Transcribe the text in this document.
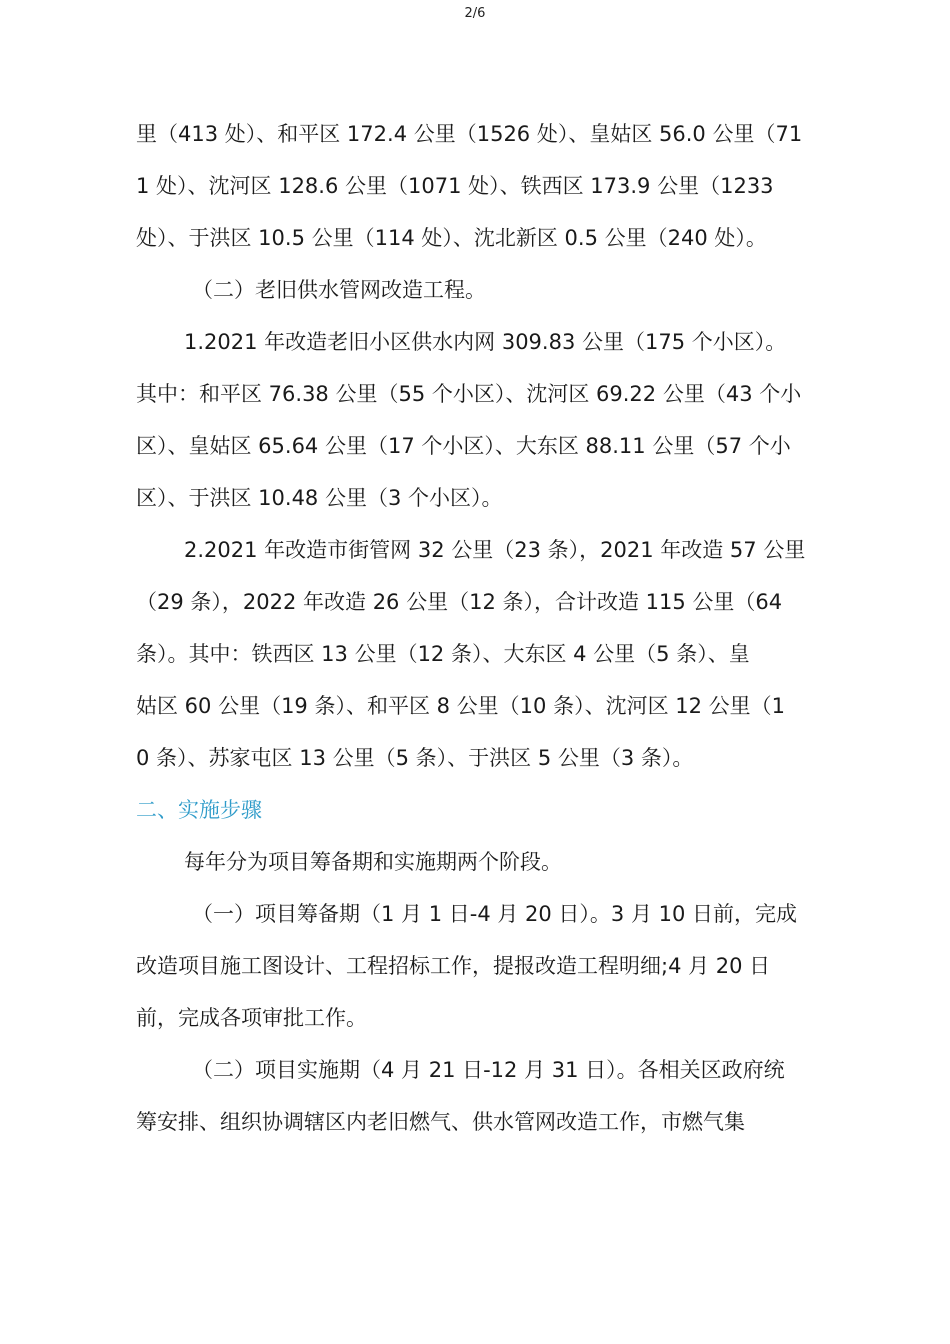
2/6
里（413 处）、和平区 172.4 公里（1526 处）、皇姑区 56.0 公里（71
1 处）、沈河区 128.6 公里（1071 处）、铁西区 173.9 公里（1233
处）、于洪区 10.5 公里（114 处）、沈北新区 0.5 公里（240 处）。
（二）老旧供水管网改造工程。
1.2021 年改造老旧小区供水内网 309.83 公里（175 个小区）。
其中：和平区 76.38 公里（55 个小区）、沈河区 69.22 公里（43 个小
区）、皇姑区 65.64 公里（17 个小区）、大东区 88.11 公里（57 个小
区）、于洪区 10.48 公里（3 个小区）。
2.2021 年改造市街管网 32 公里（23 条），2021 年改造 57 公里
（29 条），2022 年改造 26 公里（12 条），合计改造 115 公里（64
条）。其中：铁西区 13 公里（12 条）、大东区 4 公里（5 条）、皇
姑区 60 公里（19 条）、和平区 8 公里（10 条）、沈河区 12 公里（1
0 条）、苏家屯区 13 公里（5 条）、于洪区 5 公里（3 条）。
二、实施步骤
每年分为项目筹备期和实施期两个阶段。
（一）项目筹备期（1 月 1 日-4 月 20 日）。3 月 10 日前，完成
改造项目施工图设计、工程招标工作，提报改造工程明细;4 月 20 日
前，完成各项审批工作。
（二）项目实施期（4 月 21 日-12 月 31 日）。各相关区政府统
筹安排、组织协调辖区内老旧燃气、供水管网改造工作，市燃气集
